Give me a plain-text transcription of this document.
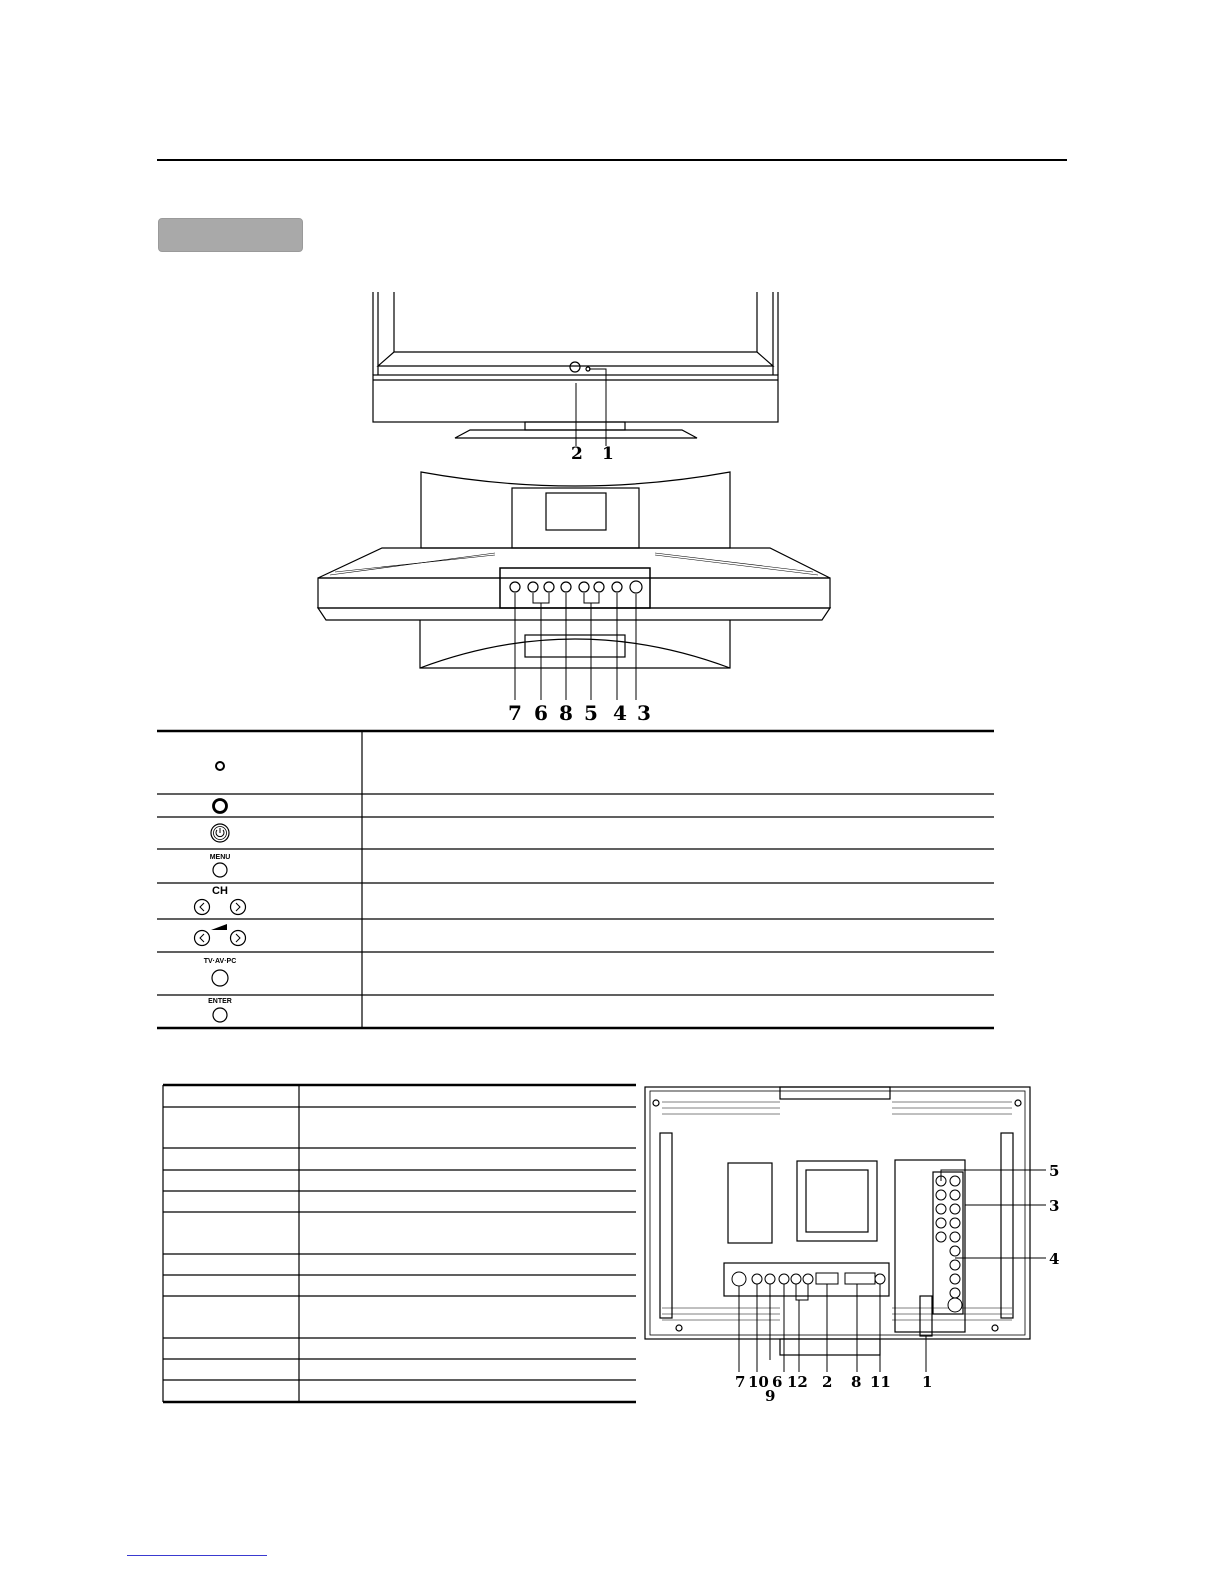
2 1
7 6 8 5 4 3
MENU
CH
TV·AV·PC
ENTER
5
3
4
7 10 6 12 2 8 11 1
9
